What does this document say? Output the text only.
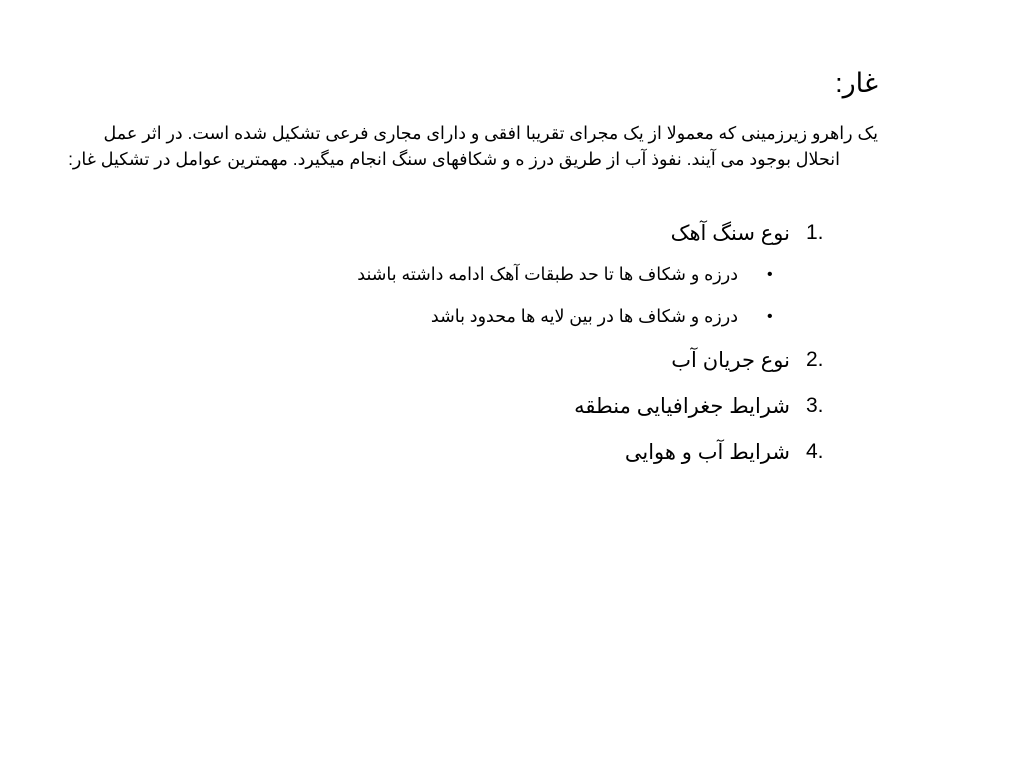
غار:
یک راهرو زیرزمینی که معمولا از یک مجرای تقریبا افقی و دارای مجاری فرعی تشکیل شده است. در اثر عمل انحلال بوجود می آیند. نفوذ آب از طریق درز ه و شکافهای سنگ انجام میگیرد. مهمترین عوامل در تشکیل غار:
1.
نوع سنگ آهک
•
درزه و شکاف ها تا حد طبقات آهک ادامه داشته باشند
•
درزه و شکاف ها در بین لایه ها محدود باشد
2.
نوع جریان آب
3.
شرایط جغرافیایی منطقه
4.
شرایط آب و هوایی
